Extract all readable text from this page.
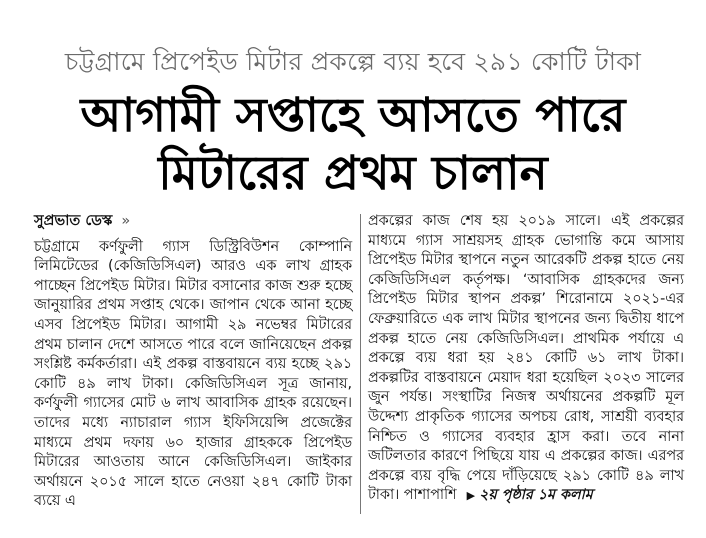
চট্টগ্রামে প্রিপেইড মিটার প্রকল্পে ব্যয় হবে ২৯১ কোটি টাকা
আগামী সপ্তাহে আসতে পারে
মিটারের প্রথম চালান
সুপ্রভাত ডেস্ক »

চট্টগ্রামে কর্ণফুলী গ্যাস ডিস্ট্রিবিউশন কোম্পানি লিমিটেডের (কেজিডিসিএল) আরও এক লাখ গ্রাহক পাচ্ছেন প্রিপেইড মিটার। মিটার বসানোর কাজ শুরু হচ্ছে জানুয়ারির প্রথম সপ্তাহ থেকে। জাপান থেকে আনা হচ্ছে এসব প্রিপেইড মিটার। আগামী ২৯ নভেম্বর মিটারের প্রথম চালান দেশে আসতে পারে বলে জানিয়েছেন প্রকল্প সংশ্লিষ্ট কর্মকর্তারা। এই প্রকল্প বাস্তবায়নে ব্যয় হচ্ছে ২৯১ কোটি ৪৯ লাখ টাকা। কেজিডিসিএল সূত্র জানায়, কর্ণফুলী গ্যাসের মোট ৬ লাখ আবাসিক গ্রাহক রয়েছেন। তাদের মধ্যে ন্যাচারাল গ্যাস ইফিসিয়েন্সি প্রজেক্টের মাধ্যমে প্রথম দফায় ৬০ হাজার গ্রাহককে প্রিপেইড মিটারের আওতায় আনে কেজিডিসিএল। জাইকার অর্থায়নে ২০১৫ সালে হাতে নেওয়া ২৪৭ কোটি টাকা ব্যয়ে এ

প্রকল্পের কাজ শেষ হয় ২০১৯ সালে। এই প্রকল্পের মাধ্যমে গ্যাস সাশ্রয়সহ গ্রাহক ভোগান্তি কমে আসায় প্রিপেইড মিটার স্থাপনে নতুন আরেকটি প্রকল্প হাতে নেয় কেজিডিসিএল কর্তৃপক্ষ। ‘আবাসিক গ্রাহকদের জন্য প্রিপেইড মিটার স্থাপন প্রকল্প’ শিরোনামে ২০২১-এর ফেব্রুয়ারিতে এক লাখ মিটার স্থাপনের জন্য দ্বিতীয় ধাপে প্রকল্প হাতে নেয় কেজিডিসিএল। প্রাথমিক পর্যায়ে এ প্রকল্পে ব্যয় ধরা হয় ২৪১ কোটি ৬১ লাখ টাকা। প্রকল্পটির বাস্তবায়নে মেয়াদ ধরা হয়েছিল ২০২৩ সালের জুন পর্যন্ত। সংস্থাটির নিজস্ব অর্থায়নের প্রকল্পটি মূল উদ্দেশ্য প্রাকৃতিক গ্যাসের অপচয় রোধ, সাশ্রয়ী ব্যবহার নিশ্চিত ও গ্যাসের ব্যবহার হ্রাস করা। তবে নানা জটিলতার কারণে পিছিয়ে যায় এ প্রকল্পের কাজ। এরপর প্রকল্পে ব্যয় বৃদ্ধি পেয়ে দাঁড়িয়েছে ২৯১ কোটি ৪৯ লাখ টাকা। পাশাপাশি ▶ ২য় পৃষ্ঠার ১ম কলাম
